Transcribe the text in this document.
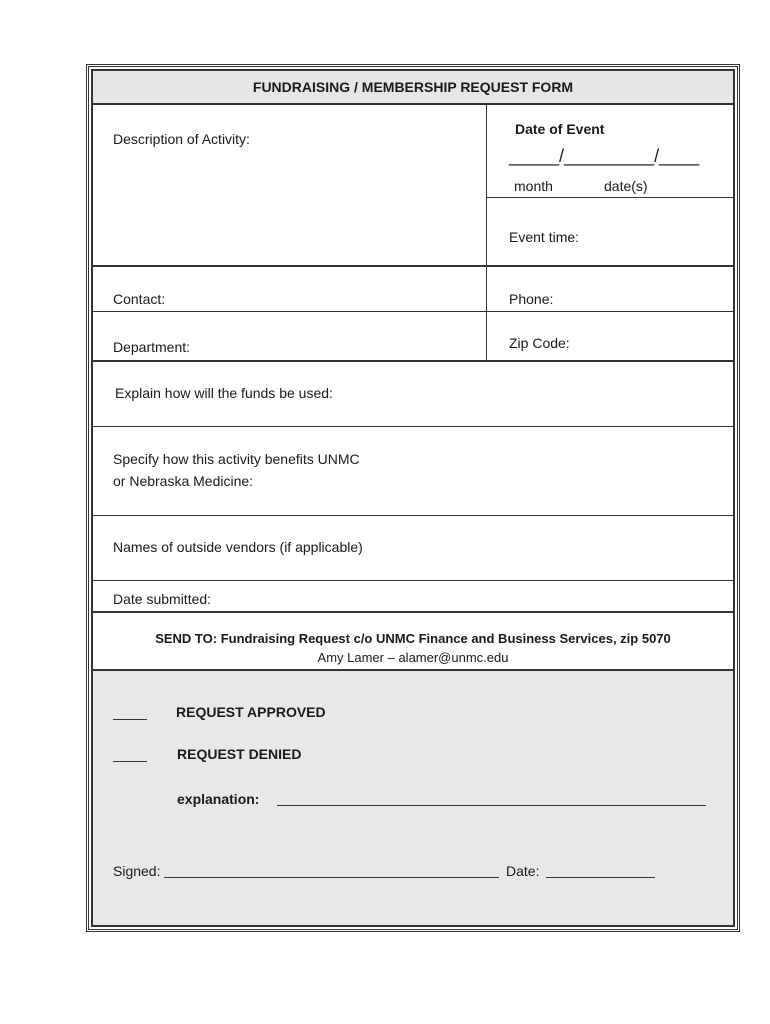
FUNDRAISING / MEMBERSHIP REQUEST FORM
Description of Activity:
Date of Event
_____/_________/____
month	date(s)
Event time:
Contact:	Phone:
Department:	Zip Code:
Explain how will the funds be used:
Specify how this activity benefits UNMC
or Nebraska Medicine:
Names of outside vendors (if applicable)
Date submitted:
SEND TO: Fundraising Request c/o UNMC Finance and Business Services, zip 5070
Amy Lamer – alamer@unmc.edu
REQUEST APPROVED
REQUEST DENIED
explanation:
Signed:	Date:
